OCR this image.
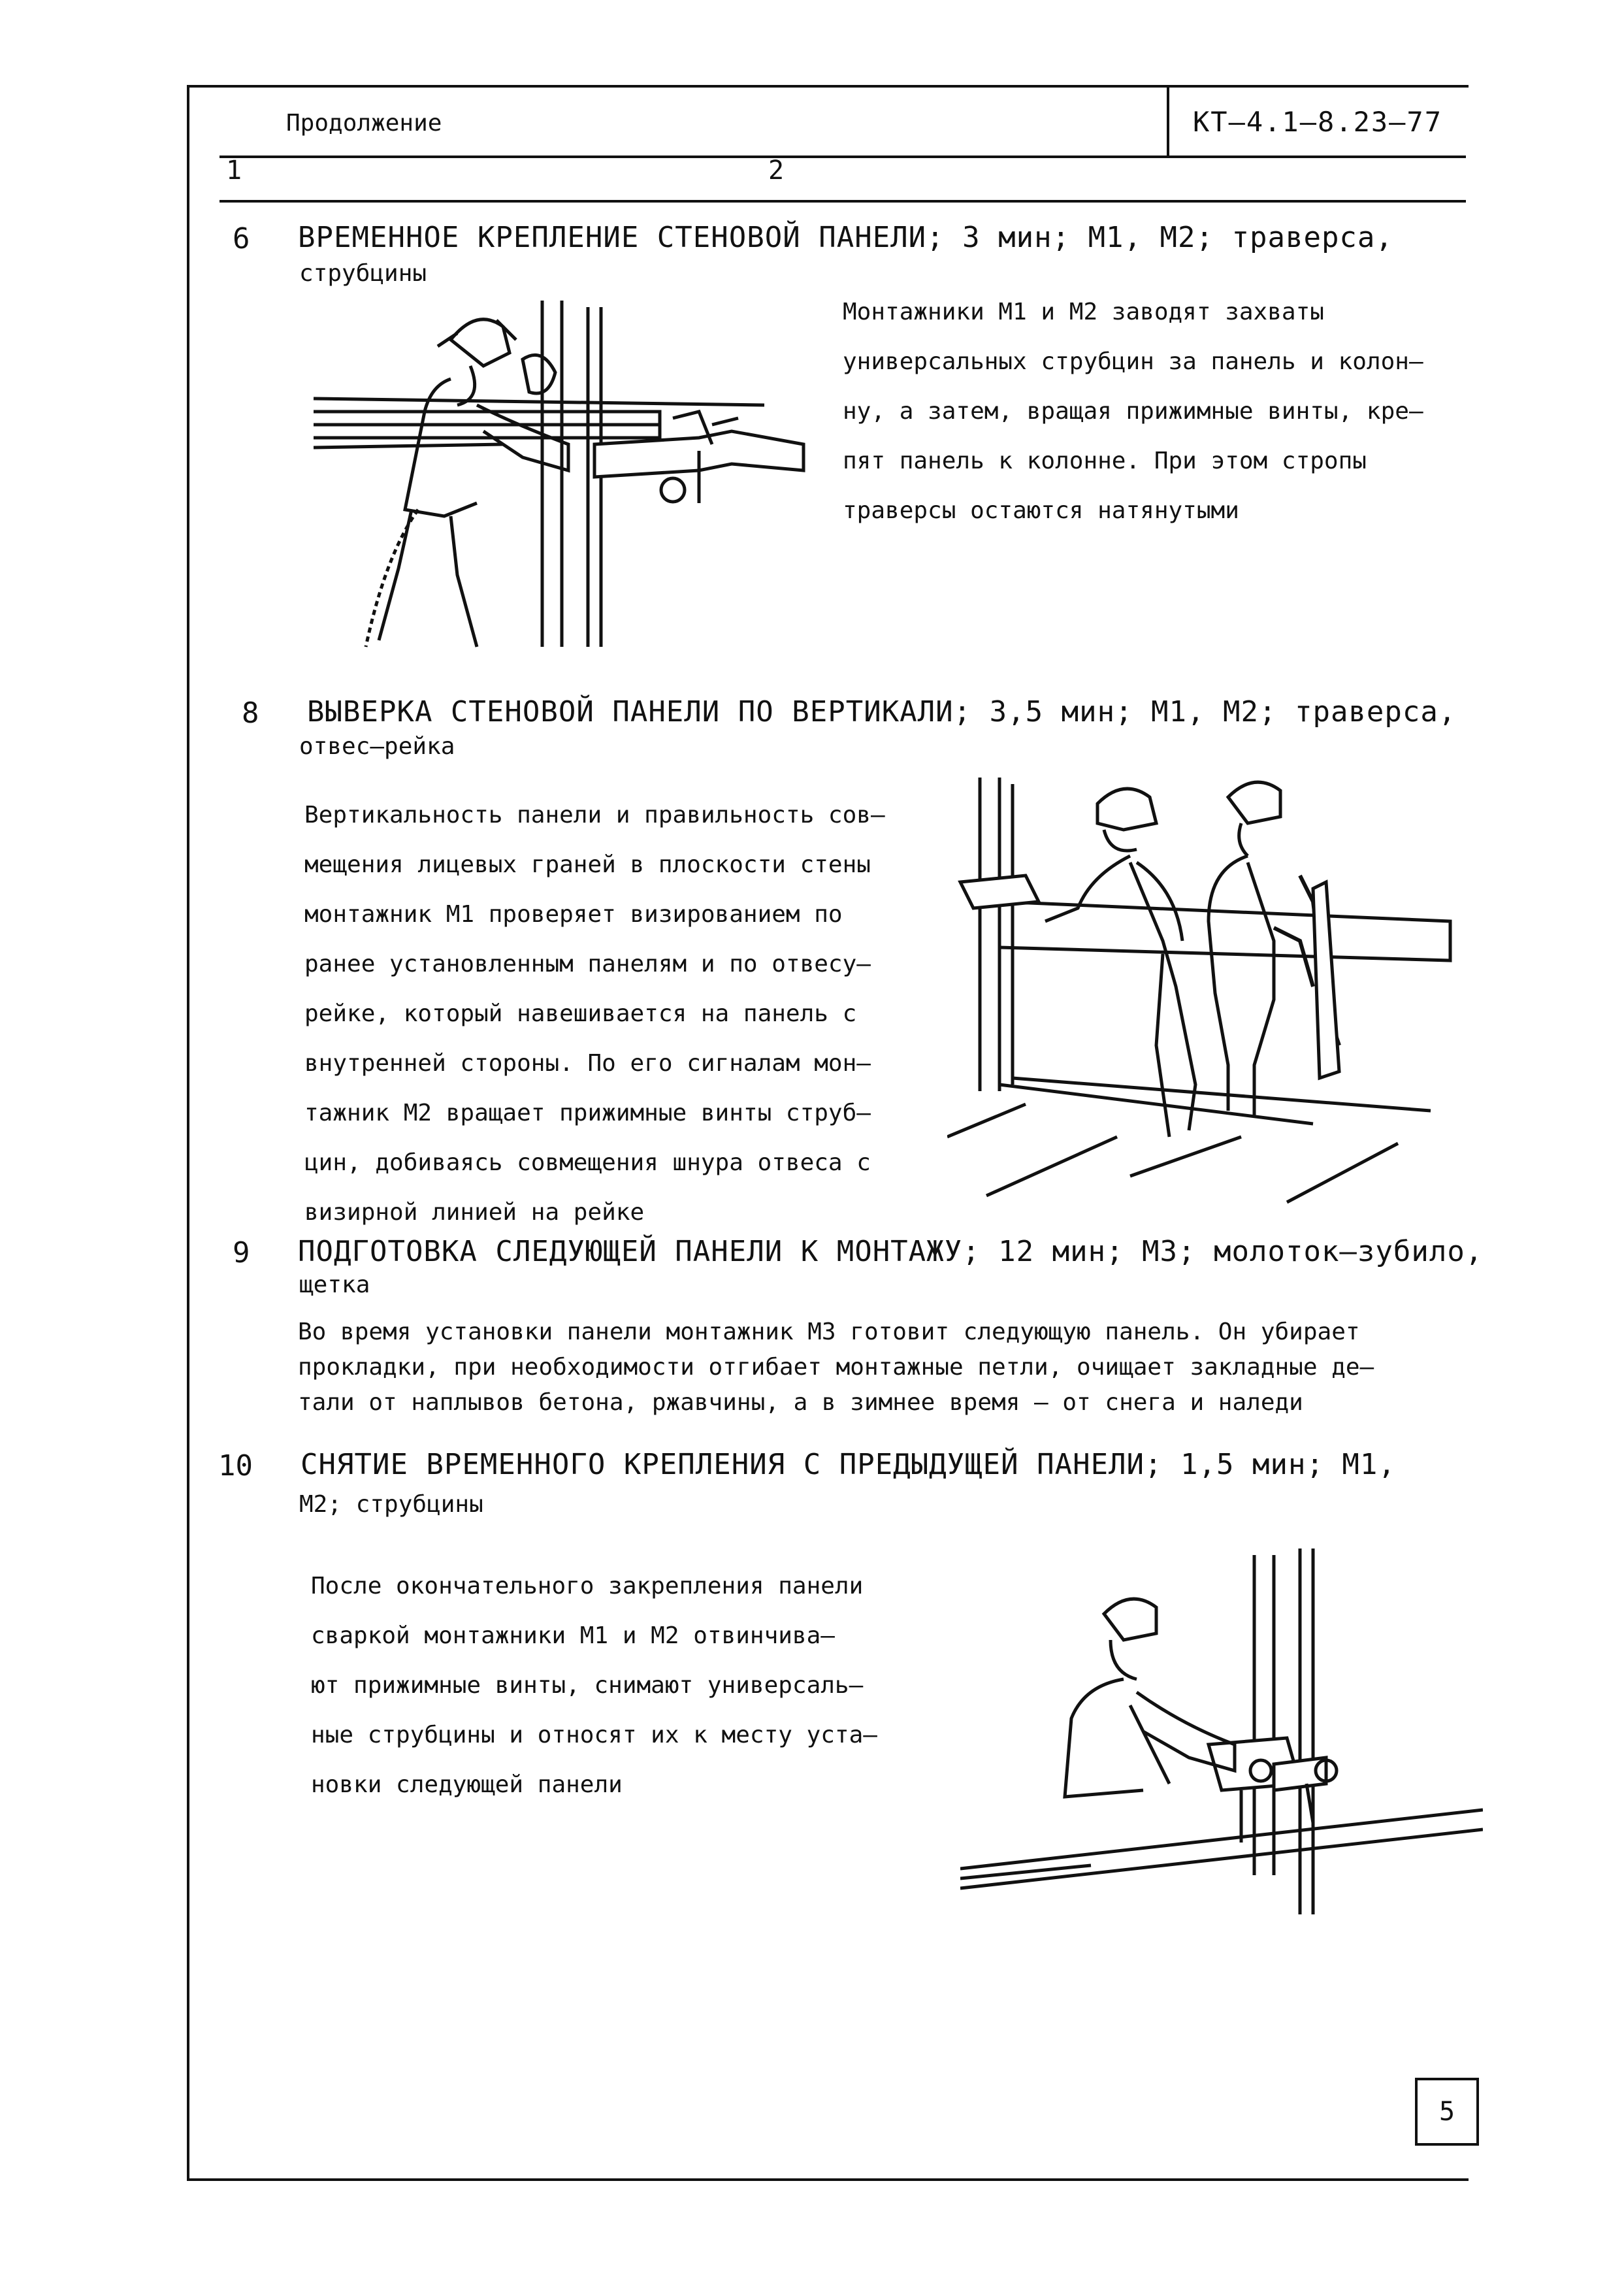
Продолжение	КТ–4.1–8.23–77
1	2
6 ВРЕМЕННОЕ КРЕПЛЕНИЕ СТЕНОВОЙ ПАНЕЛИ; 3 мин; М1, М2; траверса,
струбцины

Монтажники М1 и М2 заводят захваты

универсальных струбцин за панель и колон–

ну, а затем, вращая прижимные винты, кре–

пят панель к колонне. При этом стропы

траверсы остаются натянутыми

8 ВЫВЕРКА СТЕНОВОЙ ПАНЕЛИ ПО ВЕРТИКАЛИ; 3,5 мин; М1, М2; траверса,
отвес–рейка

Вертикальность панели и правильность сов–

мещения лицевых граней в плоскости стены

монтажник М1 проверяет визированием по

ранее установленным панелям и по отвесу–

рейке, который навешивается на панель с

внутренней стороны. По его сигналам мон–

тажник М2 вращает прижимные винты струб–

цин, добиваясь совмещения шнура отвеса с

визирной линией на рейке

9 ПОДГОТОВКА СЛЕДУЮЩЕЙ ПАНЕЛИ К МОНТАЖУ; 12 мин; М3; молоток–зубило,
щетка

Во время установки панели монтажник М3 готовит следующую панель. Он убирает

прокладки, при необходимости отгибает монтажные петли, очищает закладные де–

тали от наплывов бетона, ржавчины, а в зимнее время – от снега и наледи

10 СНЯТИЕ ВРЕМЕННОГО КРЕПЛЕНИЯ С ПРЕДЫДУЩЕЙ ПАНЕЛИ; 1,5 мин; М1,
М2; струбцины

После окончательного закрепления панели

сваркой монтажники М1 и М2 отвинчива–

ют прижимные винты, снимают универсаль–

ные струбцины и относят их к месту уста–

новки следующей панели

5
